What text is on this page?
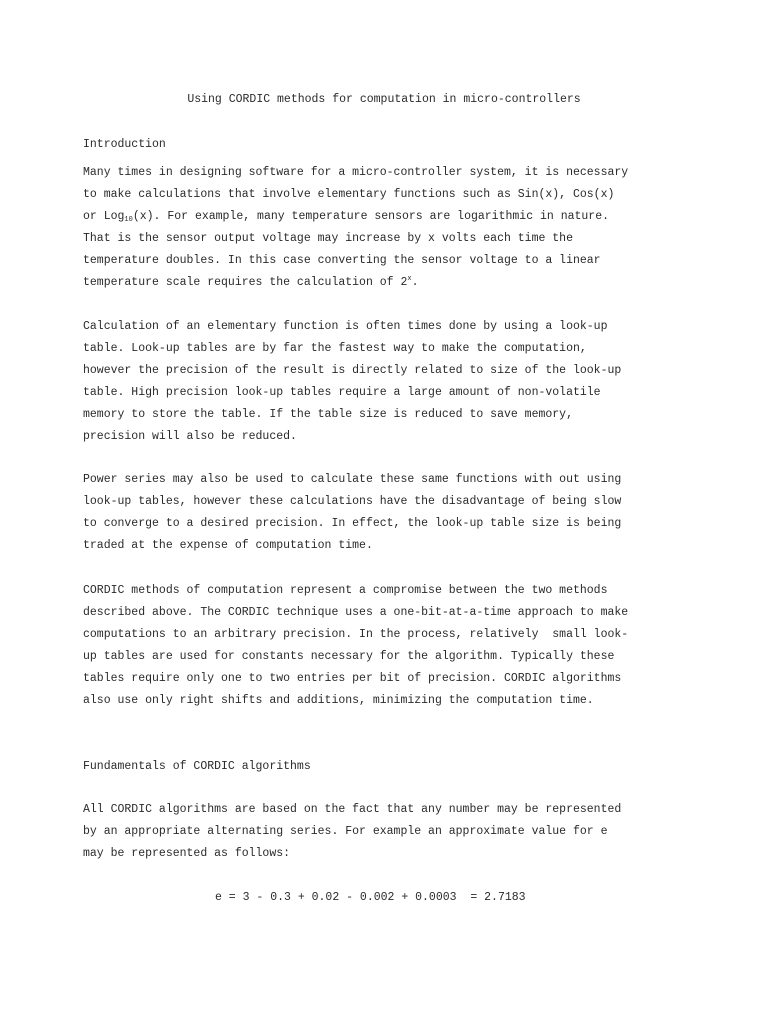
Using CORDIC methods for computation in micro-controllers
Introduction
Many times in designing software for a micro-controller system, it is necessary
to make calculations that involve elementary functions such as Sin(x), Cos(x)
or Log$_{10}$(x). For example, many temperature sensors are logarithmic in nature.
That is the sensor output voltage may increase by x volts each time the
temperature doubles. In this case converting the sensor voltage to a linear
temperature scale requires the calculation of 2$^x$.
Calculation of an elementary function is often times done by using a look-up
table. Look-up tables are by far the fastest way to make the computation,
however the precision of the result is directly related to size of the look-up
table. High precision look-up tables require a large amount of non-volatile
memory to store the table. If the table size is reduced to save memory,
precision will also be reduced.
Power series may also be used to calculate these same functions with out using
look-up tables, however these calculations have the disadvantage of being slow
to converge to a desired precision. In effect, the look-up table size is being
traded at the expense of computation time.
CORDIC methods of computation represent a compromise between the two methods
described above. The CORDIC technique uses a one-bit-at-a-time approach to make
computations to an arbitrary precision. In the process, relatively  small look-
up tables are used for constants necessary for the algorithm. Typically these
tables require only one to two entries per bit of precision. CORDIC algorithms
also use only right shifts and additions, minimizing the computation time.
Fundamentals of CORDIC algorithms
All CORDIC algorithms are based on the fact that any number may be represented
by an appropriate alternating series. For example an approximate value for e
may be represented as follows:
e = 3 - 0.3 + 0.02 - 0.002 + 0.0003  = 2.7183
